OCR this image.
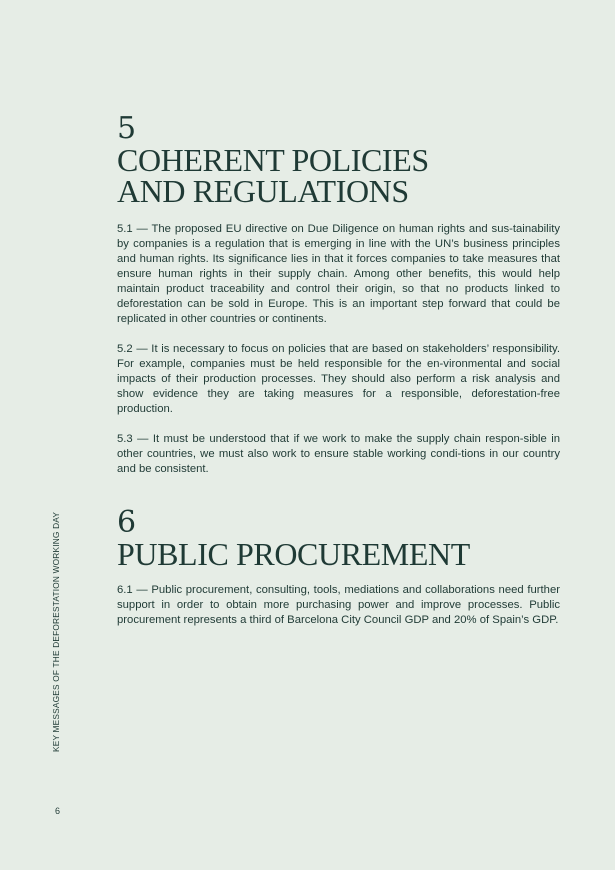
KEY MESSAGES OF THE DEFORESTATION WORKING DAY
6
5
COHERENT POLICIES
AND REGULATIONS

5.1 — The proposed EU directive on Due Diligence on human rights and sus-tainability by companies is a regulation that is emerging in line with the UN’s business principles and human rights. Its significance lies in that it forces companies to take measures that ensure human rights in their supply chain. Among other benefits, this would help maintain product traceability and control their origin, so that no products linked to deforestation can be sold in Europe. This is an important step forward that could be replicated in other countries or continents.

5.2 — It is necessary to focus on policies that are based on stakeholders’ responsibility. For example, companies must be held responsible for the en-vironmental and social impacts of their production processes. They should also perform a risk analysis and show evidence they are taking measures for a responsible, deforestation-free production.

5.3 — It must be understood that if we work to make the supply chain respon-sible in other countries, we must also work to ensure stable working condi-tions in our country and be consistent.

6
PUBLIC PROCUREMENT

6.1 — Public procurement, consulting, tools, mediations and collaborations need further support in order to obtain more purchasing power and improve processes. Public procurement represents a third of Barcelona City Council GDP and 20% of Spain’s GDP.
